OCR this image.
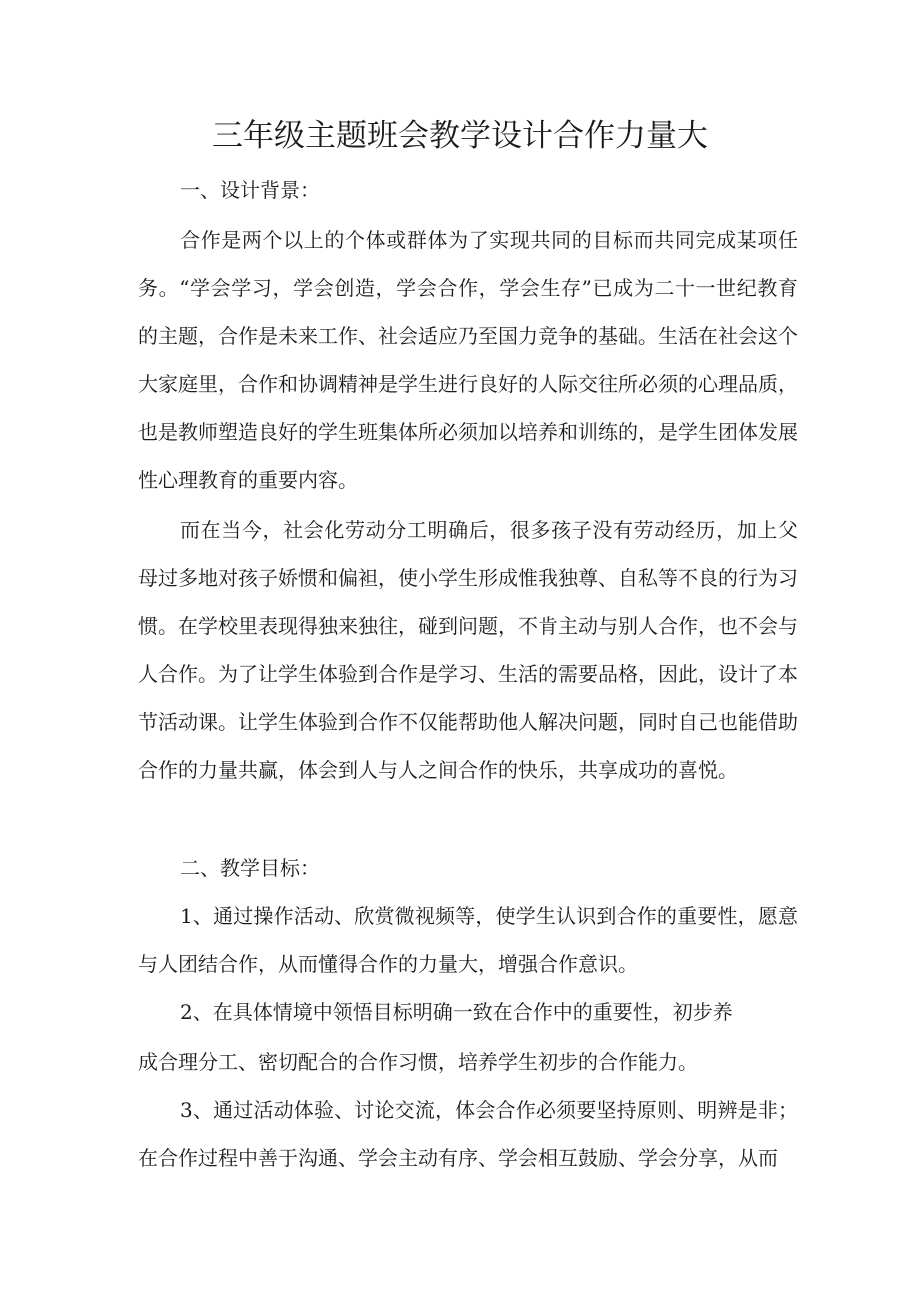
三年级主题班会教学设计合作力量大

一、设计背景：

合作是两个以上的个体或群体为了实现共同的目标而共同完成某项任务。“学会学习，学会创造，学会合作，学会生存”已成为二十一世纪教育的主题，合作是未来工作、社会适应乃至国力竞争的基础。生活在社会这个大家庭里，合作和协调精神是学生进行良好的人际交往所必须的心理品质，也是教师塑造良好的学生班集体所必须加以培养和训练的，是学生团体发展性心理教育的重要内容。

而在当今，社会化劳动分工明确后，很多孩子没有劳动经历，加上父母过多地对孩子娇惯和偏袒，使小学生形成惟我独尊、自私等不良的行为习惯。在学校里表现得独来独往，碰到问题，不肯主动与别人合作，也不会与人合作。为了让学生体验到合作是学习、生活的需要品格，因此，设计了本节活动课。让学生体验到合作不仅能帮助他人解决问题，同时自己也能借助合作的力量共赢，体会到人与人之间合作的快乐，共享成功的喜悦。

二、教学目标：

1、通过操作活动、欣赏微视频等，使学生认识到合作的重要性，愿意与人团结合作，从而懂得合作的力量大，增强合作意识。

2、在具体情境中领悟目标明确一致在合作中的重要性，初步养

成合理分工、密切配合的合作习惯，培养学生初步的合作能力。

3、通过活动体验、讨论交流，体会合作必须要坚持原则、明辨是非；在合作过程中善于沟通、学会主动有序、学会相互鼓励、学会分享，从而
